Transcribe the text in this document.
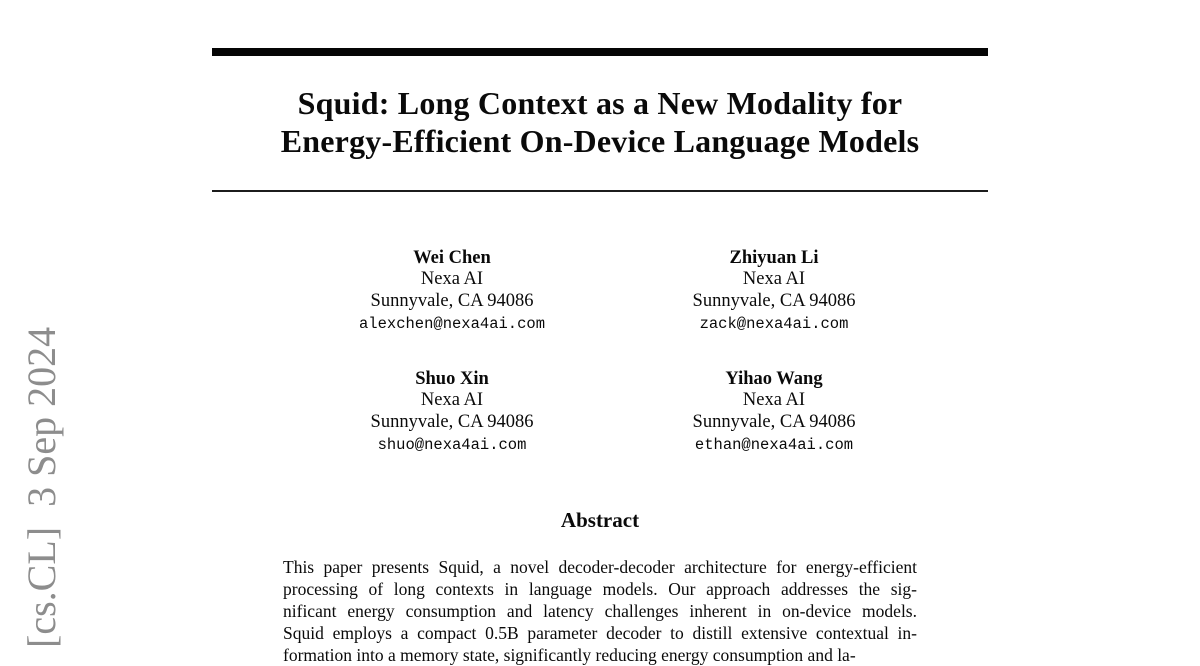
[cs.CL]  3 Sep 2024
Squid: Long Context as a New Modality for
Energy-Efficient On-Device Language Models
Wei Chen
Nexa AI
Sunnyvale, CA 94086
alexchen@nexa4ai.com
Zhiyuan Li
Nexa AI
Sunnyvale, CA 94086
zack@nexa4ai.com
Shuo Xin
Nexa AI
Sunnyvale, CA 94086
shuo@nexa4ai.com
Yihao Wang
Nexa AI
Sunnyvale, CA 94086
ethan@nexa4ai.com
Abstract
This paper presents Squid, a novel decoder-decoder architecture for energy-efficient
processing of long contexts in language models. Our approach addresses the sig-
nificant energy consumption and latency challenges inherent in on-device models.
Squid employs a compact 0.5B parameter decoder to distill extensive contextual in-
formation into a memory state, significantly reducing energy consumption and la-
